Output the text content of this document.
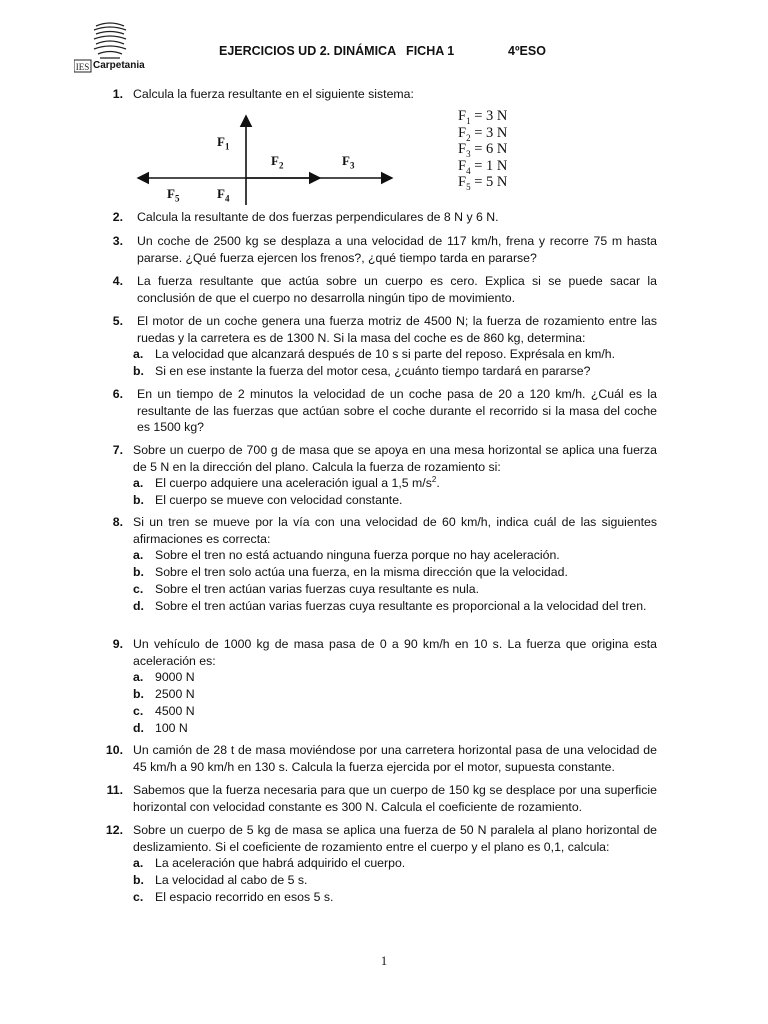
IES Carpetania
EJERCICIOS UD 2. DINÁMICA   FICHA 1	4ºESO
1. Calcula la fuerza resultante en el siguiente sistema:
$F_1$
$F_2$	$F_3$
$F_5$	$F_4$
$F_1 = 3$ N
$F_2 = 3$ N
$F_3 = 6$ N
$F_4 = 1$ N
$F_5 = 5$ N
2. Calcula la resultante de dos fuerzas perpendiculares de 8 N y 6 N.
3. Un coche de 2500 kg se desplaza a una velocidad de 117 km/h, frena y recorre 75 m hasta pararse. ¿Qué fuerza ejercen los frenos?, ¿qué tiempo tarda en pararse?
4. La fuerza resultante que actúa sobre un cuerpo es cero. Explica si se puede sacar la conclusión de que el cuerpo no desarrolla ningún tipo de movimiento.
5. El motor de un coche genera una fuerza motriz de 4500 N; la fuerza de rozamiento entre las ruedas y la carretera es de 1300 N. Si la masa del coche es de 860 kg, determina:
a. La velocidad que alcanzará después de 10 s si parte del reposo. Exprésala en km/h.
b. Si en ese instante la fuerza del motor cesa, ¿cuánto tiempo tardará en pararse?
6. En un tiempo de 2 minutos la velocidad de un coche pasa de 20 a 120 km/h. ¿Cuál es la resultante de las fuerzas que actúan sobre el coche durante el recorrido si la masa del coche es 1500 kg?
7. Sobre un cuerpo de 700 g de masa que se apoya en una mesa horizontal se aplica una fuerza de 5 N en la dirección del plano. Calcula la fuerza de rozamiento si:
a. El cuerpo adquiere una aceleración igual a 1,5 $m/s^2$.
b. El cuerpo se mueve con velocidad constante.
8. Si un tren se mueve por la vía con una velocidad de 60 km/h, indica cuál de las siguientes afirmaciones es correcta:
a. Sobre el tren no está actuando ninguna fuerza porque no hay aceleración.
b. Sobre el tren solo actúa una fuerza, en la misma dirección que la velocidad.
c. Sobre el tren actúan varias fuerzas cuya resultante es nula.
d. Sobre el tren actúan varias fuerzas cuya resultante es proporcional a la velocidad del tren.
9. Un vehículo de 1000 kg de masa pasa de 0 a 90 km/h en 10 s. La fuerza que origina esta aceleración es:
a. 9000 N
b. 2500 N
c. 4500 N
d. 100 N
10. Un camión de 28 t de masa moviéndose por una carretera horizontal pasa de una velocidad de 45 km/h a 90 km/h en 130 s. Calcula la fuerza ejercida por el motor, supuesta constante.
11. Sabemos que la fuerza necesaria para que un cuerpo de 150 kg se desplace por una superficie horizontal con velocidad constante es 300 N. Calcula el coeficiente de rozamiento.
12. Sobre un cuerpo de 5 kg de masa se aplica una fuerza de 50 N paralela al plano horizontal de deslizamiento. Si el coeficiente de rozamiento entre el cuerpo y el plano es 0,1, calcula:
a. La aceleración que habrá adquirido el cuerpo.
b. La velocidad al cabo de 5 s.
c. El espacio recorrido en esos 5 s.
1
